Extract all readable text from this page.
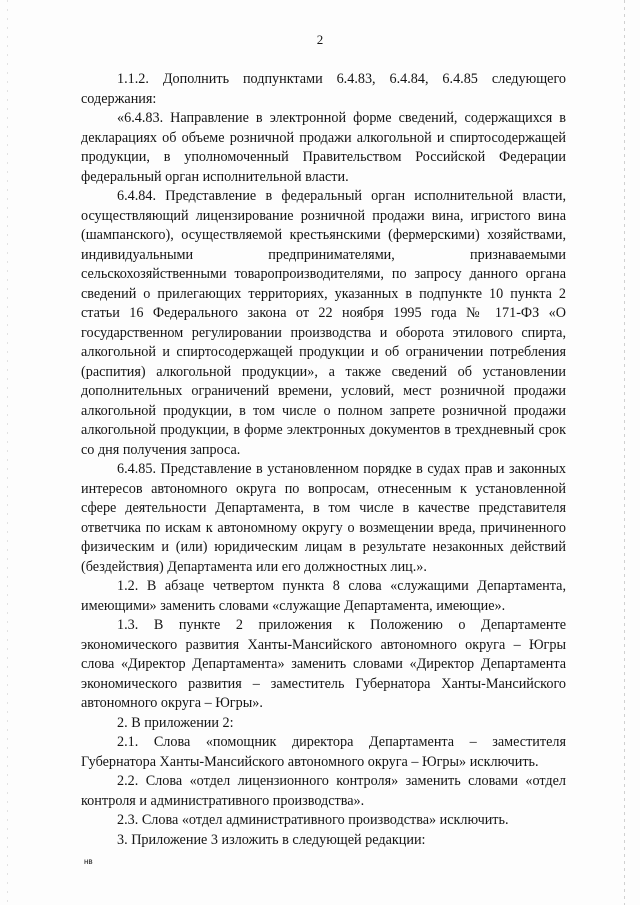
2

1.1.2. Дополнить подпунктами 6.4.83, 6.4.84, 6.4.85 следующего содержания:

«6.4.83. Направление в электронной форме сведений, содержащихся в декларациях об объеме розничной продажи алкогольной и спиртосодержащей продукции, в уполномоченный Правительством Российской Федерации федеральный орган исполнительной власти.

6.4.84. Представление в федеральный орган исполнительной власти, осуществляющий лицензирование розничной продажи вина, игристого вина (шампанского), осуществляемой крестьянскими (фермерскими) хозяйствами, индивидуальными предпринимателями, признаваемыми сельскохозяйственными товаропроизводителями, по запросу данного органа сведений о прилегающих территориях, указанных в подпункте 10 пункта 2 статьи 16 Федерального закона от 22 ноября 1995 года № 171-ФЗ «О государственном регулировании производства и оборота этилового спирта, алкогольной и спиртосодержащей продукции и об ограничении потребления (распития) алкогольной продукции», а также сведений об установлении дополнительных ограничений времени, условий, мест розничной продажи алкогольной продукции, в том числе о полном запрете розничной продажи алкогольной продукции, в форме электронных документов в трехдневный срок со дня получения запроса.

6.4.85. Представление в установленном порядке в судах прав и законных интересов автономного округа по вопросам, отнесенным к установленной сфере деятельности Департамента, в том числе в качестве представителя ответчика по искам к автономному округу о возмещении вреда, причиненного физическим и (или) юридическим лицам в результате незаконных действий (бездействия) Департамента или его должностных лиц.».

1.2. В абзаце четвертом пункта 8 слова «служащими Департамента, имеющими» заменить словами «служащие Департамента, имеющие».

1.3. В пункте 2 приложения к Положению о Департаменте экономического развития Ханты-Мансийского автономного округа – Югры слова «Директор Департамента» заменить словами «Директор Департамента экономического развития – заместитель Губернатора Ханты-Мансийского автономного округа – Югры».

2. В приложении 2:

2.1. Слова «помощник директора Департамента – заместителя Губернатора Ханты-Мансийского автономного округа – Югры» исключить.

2.2. Слова «отдел лицензионного контроля» заменить словами «отдел контроля и административного производства».

2.3. Слова «отдел административного производства» исключить.

3. Приложение 3 изложить в следующей редакции:

нв
